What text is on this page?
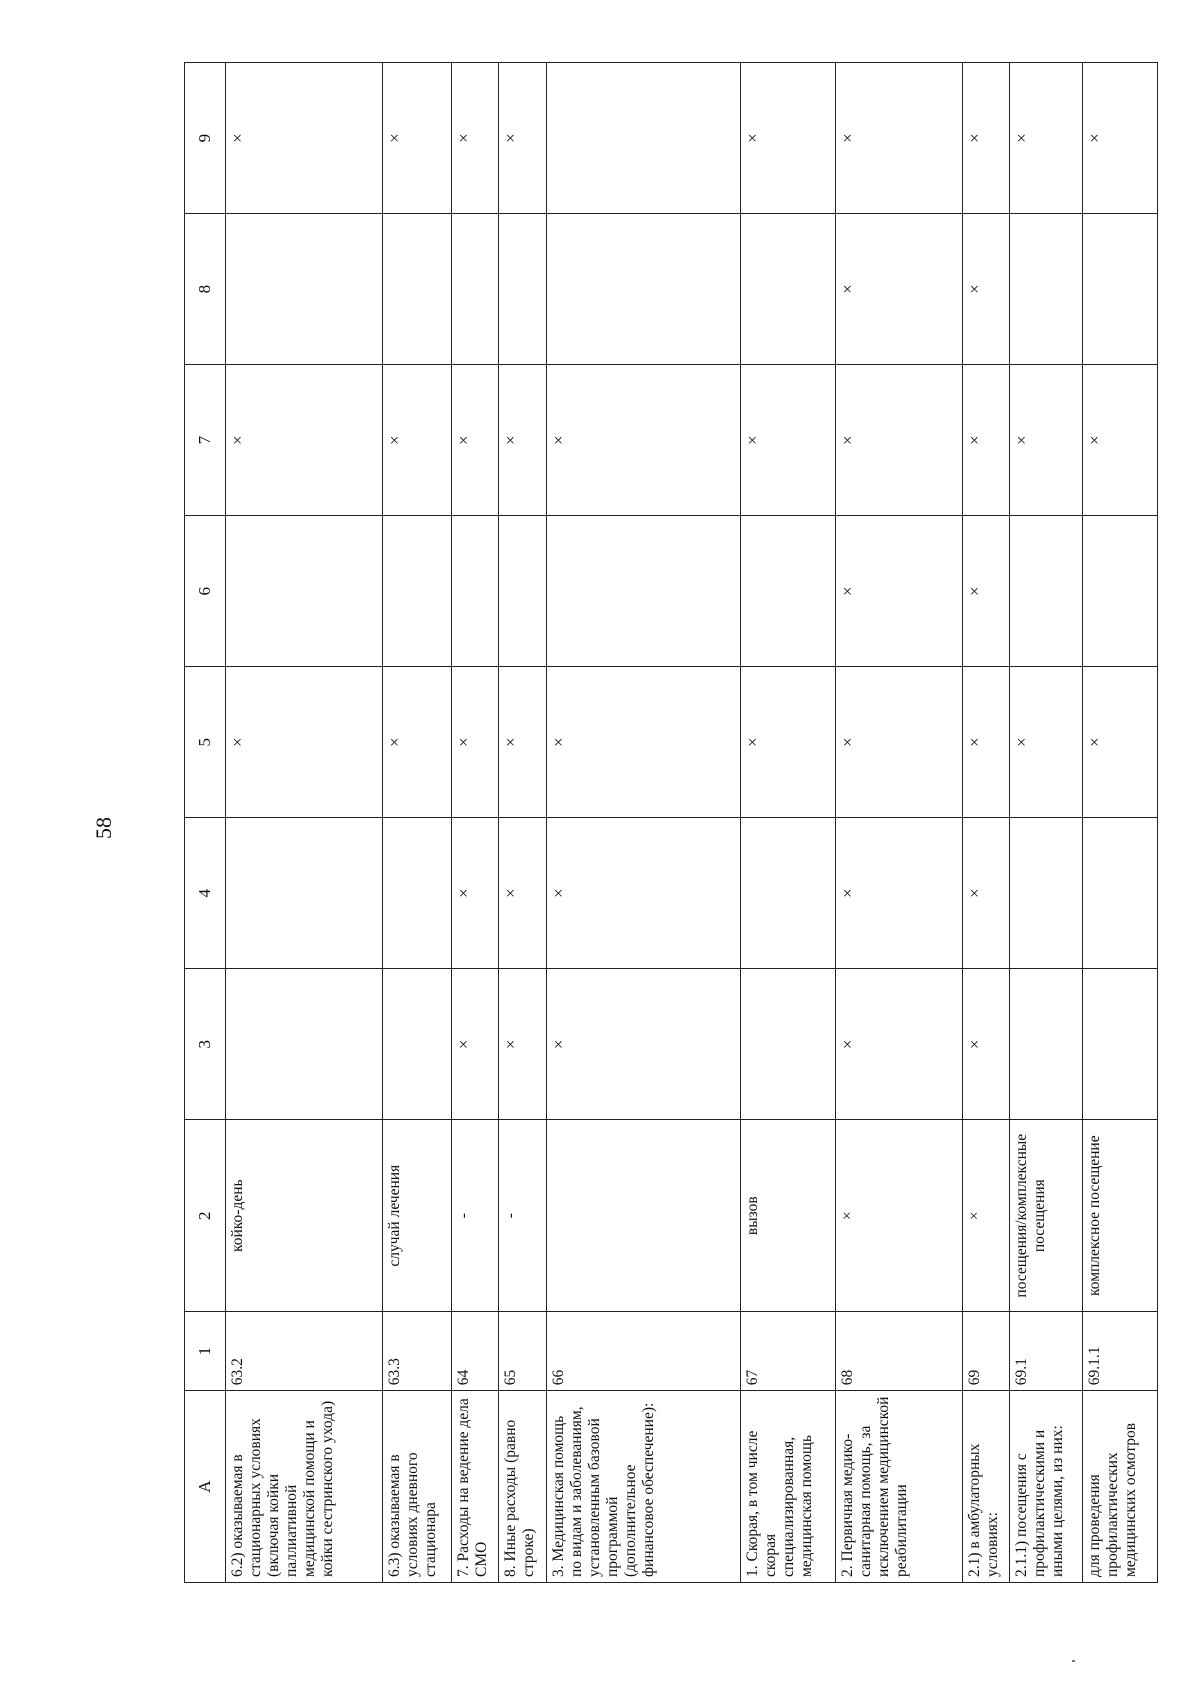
58
А	1	2	3	4	5	6	7	8	9
6.2) оказываемая в стационарных условиях (включая койки паллиативной медицинской помощи и койки сестринского ухода)	63.2	койко-день			×		×		×
6.3) оказываемая в условиях дневного стационара	63.3	случай лечения			×		×		×
7. Расходы на ведение дела СМО	64	-	×	×	×		×		×
8. Иные расходы (равно строке)	65	-	×	×	×		×		×
3. Медицинская помощь по видам и заболеваниям, установленным базовой программой (дополнительное финансовое обеспечение):	66		×	×	×		×		
1. Скорая, в том числе скорая специализированная, медицинская помощь	67	вызов			×		×		×
2. Первичная медико-санитарная помощь, за исключением медицинской реабилитации	68	×	×	×	×	×	×	×	×
2.1) в амбулаторных условиях:	69	×	×	×	×	×	×	×	×
2.1.1) посещения с профилактическими и иными целями, из них:	69.1	посещения/комплексные посещения			×		×		×
для проведения профилактических медицинских осмотров	69.1.1	комплексное посещение			×		×		×
